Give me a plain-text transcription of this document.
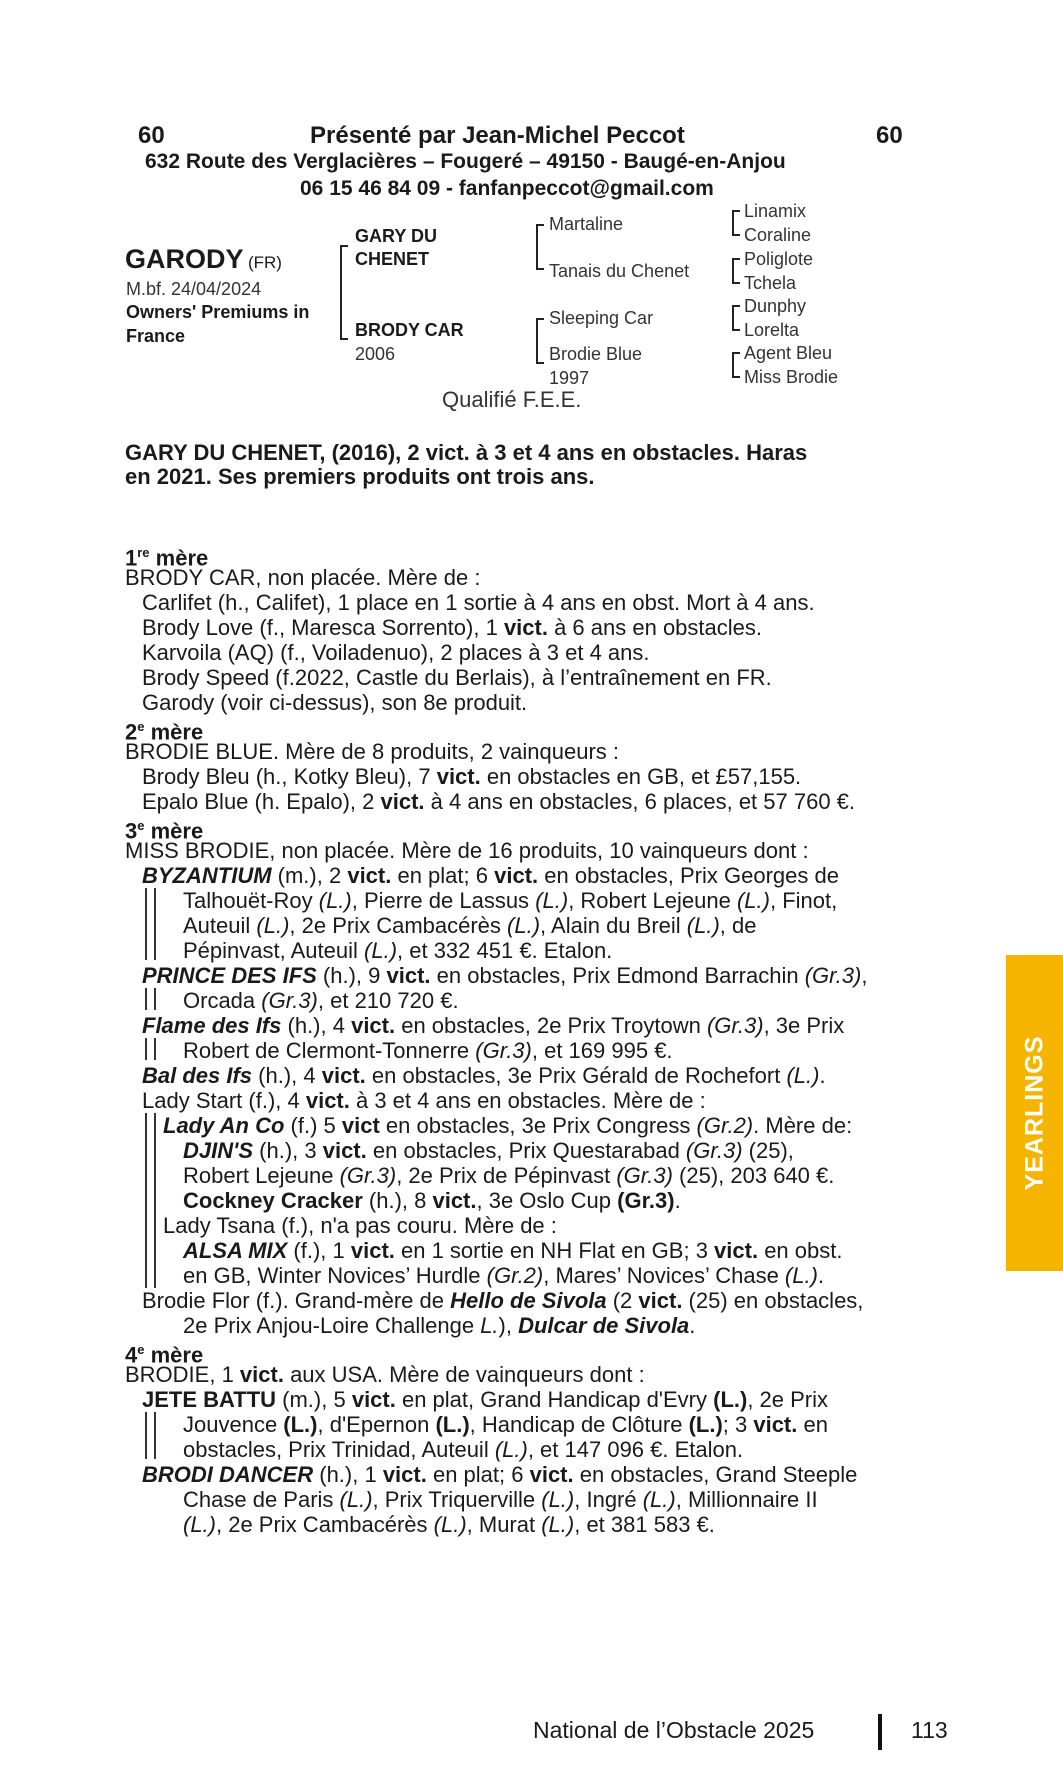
60	Présenté par Jean-Michel Peccot	60
632 Route des Verglacières – Fougeré – 49150 - Baugé-en-Anjou
06 15 46 84 09 - fanfanpeccot@gmail.com
GARODY (FR)
M.bf. 24/04/2024
Owners' Premiums in
France
GARY DU
CHENET
BRODY CAR
2006
Martaline
Tanais du Chenet
Sleeping Car
Brodie Blue
1997
Linamix
Coraline
Poliglote
Tchela
Dunphy
Lorelta
Agent Bleu
Miss Brodie
Qualifié F.E.E.
GARY DU CHENET, (2016), 2 vict. à 3 et 4 ans en obstacles. Haras
en 2021. Ses premiers produits ont trois ans.
1re mère
BRODY CAR, non placée. Mère de :
Carlifet (h., Califet), 1 place en 1 sortie à 4 ans en obst. Mort à 4 ans.
Brody Love (f., Maresca Sorrento), 1 vict. à 6 ans en obstacles.
Karvoila (AQ) (f., Voiladenuo), 2 places à 3 et 4 ans.
Brody Speed (f.2022, Castle du Berlais), à l’entraînement en FR.
Garody (voir ci-dessus), son 8e produit.
2e mère
BRODIE BLUE. Mère de 8 produits, 2 vainqueurs :
Brody Bleu (h., Kotky Bleu), 7 vict. en obstacles en GB, et £57,155.
Epalo Blue (h. Epalo), 2 vict. à 4 ans en obstacles, 6 places, et 57 760 €.
3e mère
MISS BRODIE, non placée. Mère de 16 produits, 10 vainqueurs dont :
BYZANTIUM (m.), 2 vict. en plat; 6 vict. en obstacles, Prix Georges de
Talhouët-Roy (L.), Pierre de Lassus (L.), Robert Lejeune (L.), Finot,
Auteuil (L.), 2e Prix Cambacérès (L.), Alain du Breil (L.), de
Pépinvast, Auteuil (L.), et 332 451 €. Etalon.
PRINCE DES IFS (h.), 9 vict. en obstacles, Prix Edmond Barrachin (Gr.3),
Orcada (Gr.3), et 210 720 €.
Flame des Ifs (h.), 4 vict. en obstacles, 2e Prix Troytown (Gr.3), 3e Prix
Robert de Clermont-Tonnerre (Gr.3), et 169 995 €.
Bal des Ifs (h.), 4 vict. en obstacles, 3e Prix Gérald de Rochefort (L.).
Lady Start (f.), 4 vict. à 3 et 4 ans en obstacles. Mère de :
Lady An Co (f.) 5 vict en obstacles, 3e Prix Congress (Gr.2). Mère de:
DJIN'S (h.), 3 vict. en obstacles, Prix Questarabad (Gr.3) (25),
Robert Lejeune (Gr.3), 2e Prix de Pépinvast (Gr.3) (25), 203 640 €.
Cockney Cracker (h.), 8 vict., 3e Oslo Cup (Gr.3).
Lady Tsana (f.), n'a pas couru. Mère de :
ALSA MIX (f.), 1 vict. en 1 sortie en NH Flat en GB; 3 vict. en obst.
en GB, Winter Novices’ Hurdle (Gr.2), Mares’ Novices’ Chase (L.).
Brodie Flor (f.). Grand-mère de Hello de Sivola (2 vict. (25) en obstacles,
2e Prix Anjou-Loire Challenge L.), Dulcar de Sivola.
4e mère
BRODIE, 1 vict. aux USA. Mère de vainqueurs dont :
JETE BATTU (m.), 5 vict. en plat, Grand Handicap d'Evry (L.), 2e Prix
Jouvence (L.), d'Epernon (L.), Handicap de Clôture (L.); 3 vict. en
obstacles, Prix Trinidad, Auteuil (L.), et 147 096 €. Etalon.
BRODI DANCER (h.), 1 vict. en plat; 6 vict. en obstacles, Grand Steeple
Chase de Paris (L.), Prix Triquerville (L.), Ingré (L.), Millionnaire II
(L.), 2e Prix Cambacérès (L.), Murat (L.), et 381 583 €.
YEARLINGS
National de l’Obstacle 2025	113
